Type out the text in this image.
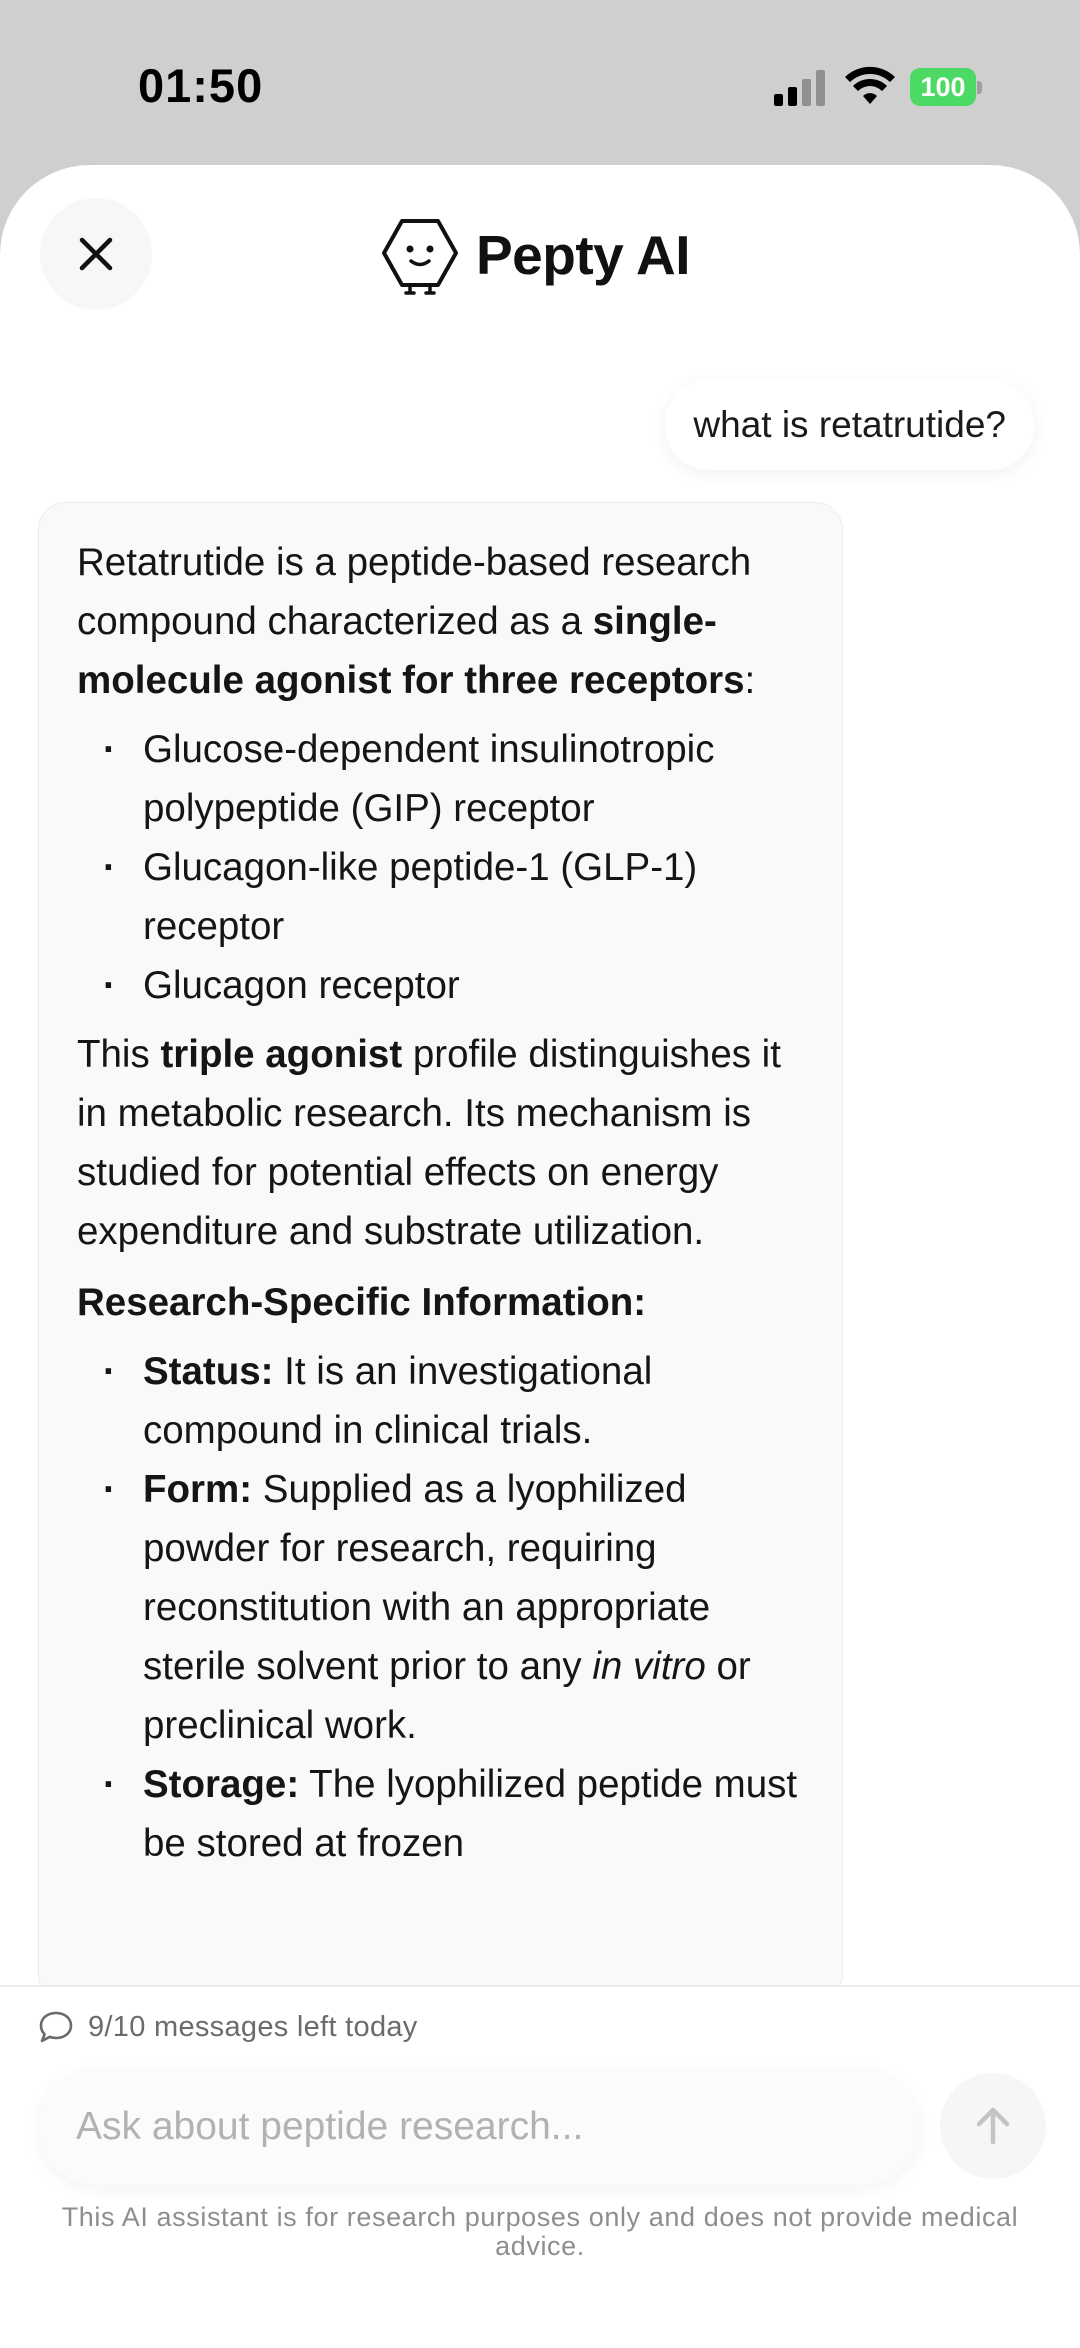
01:50	100
Pepty AI
what is retatrutide?

Retatrutide is a peptide-based research compound characterized as a single-molecule agonist for three receptors:

· Glucose-dependent insulinotropic polypeptide (GIP) receptor
· Glucagon-like peptide-1 (GLP-1) receptor
· Glucagon receptor

This triple agonist profile distinguishes it in metabolic research. Its mechanism is studied for potential effects on energy expenditure and substrate utilization.

Research-Specific Information:

· Status: It is an investigational compound in clinical trials.
· Form: Supplied as a lyophilized powder for research, requiring reconstitution with an appropriate sterile solvent prior to any in vitro or preclinical work.
· Storage: The lyophilized peptide must be stored at frozen
9/10 messages left today
Ask about peptide research...
This AI assistant is for research purposes only and does not provide medical advice.
